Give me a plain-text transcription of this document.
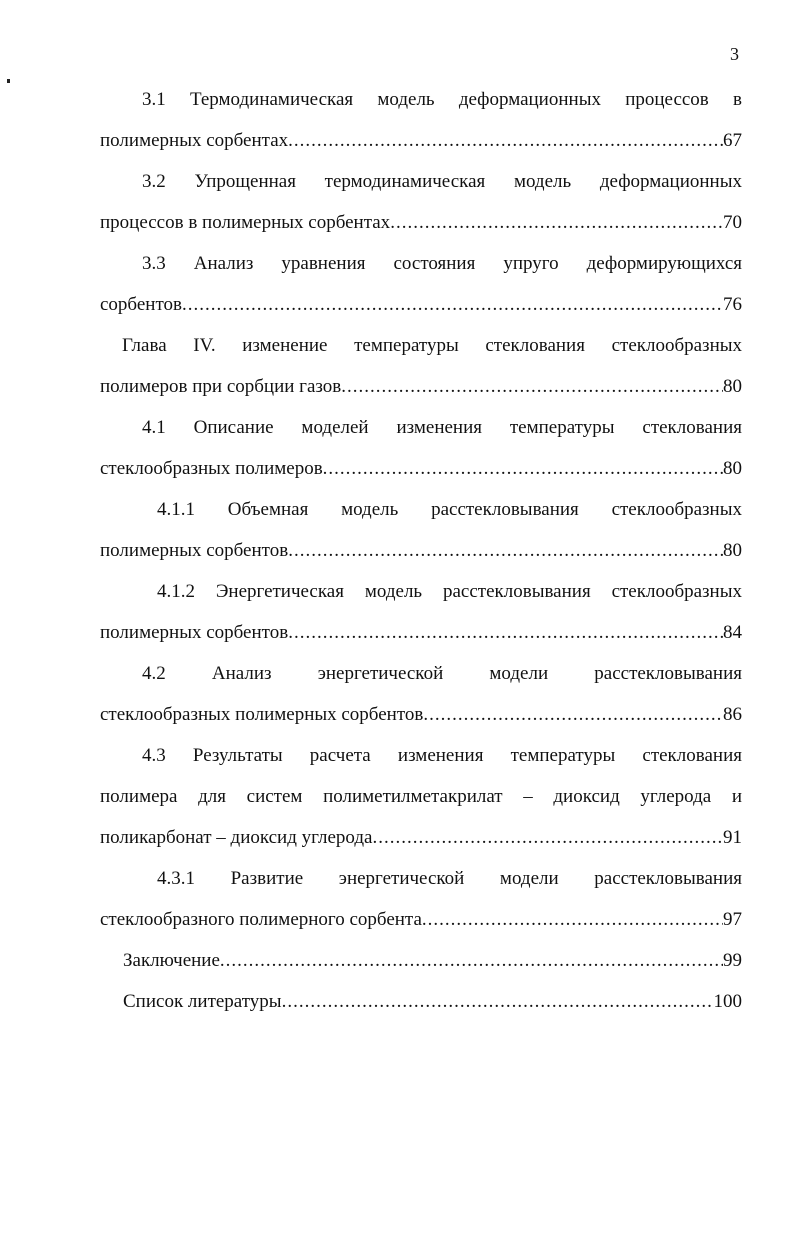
3
3.1 Термодинамическая модель деформационных процессов в
полимерных сорбентах .....	67
3.2 Упрощенная термодинамическая модель деформационных
процессов в полимерных сорбентах .....	70
3.3 Анализ уравнения состояния упруго деформирующихся
сорбентов .....	76
Глава IV. изменение температуры стеклования стеклообразных
полимеров при сорбции газов .....	80
4.1 Описание моделей изменения температуры стеклования
стеклообразных полимеров .....	80
4.1.1 Объемная модель расстекловывания стеклообразных
полимерных сорбентов .....	80
4.1.2 Энергетическая модель расстекловывания стеклообразных
полимерных сорбентов .....	84
4.2 Анализ энергетической модели расстекловывания
стеклообразных полимерных сорбентов .....	86
4.3 Результаты расчета изменения температуры стеклования
полимера для систем полиметилметакрилат – диоксид углерода и
поликарбонат – диоксид углерода .....	91
4.3.1 Развитие энергетической модели расстекловывания
стеклообразного полимерного сорбента .....	97
Заключение .....	99
Список литературы .....	100
